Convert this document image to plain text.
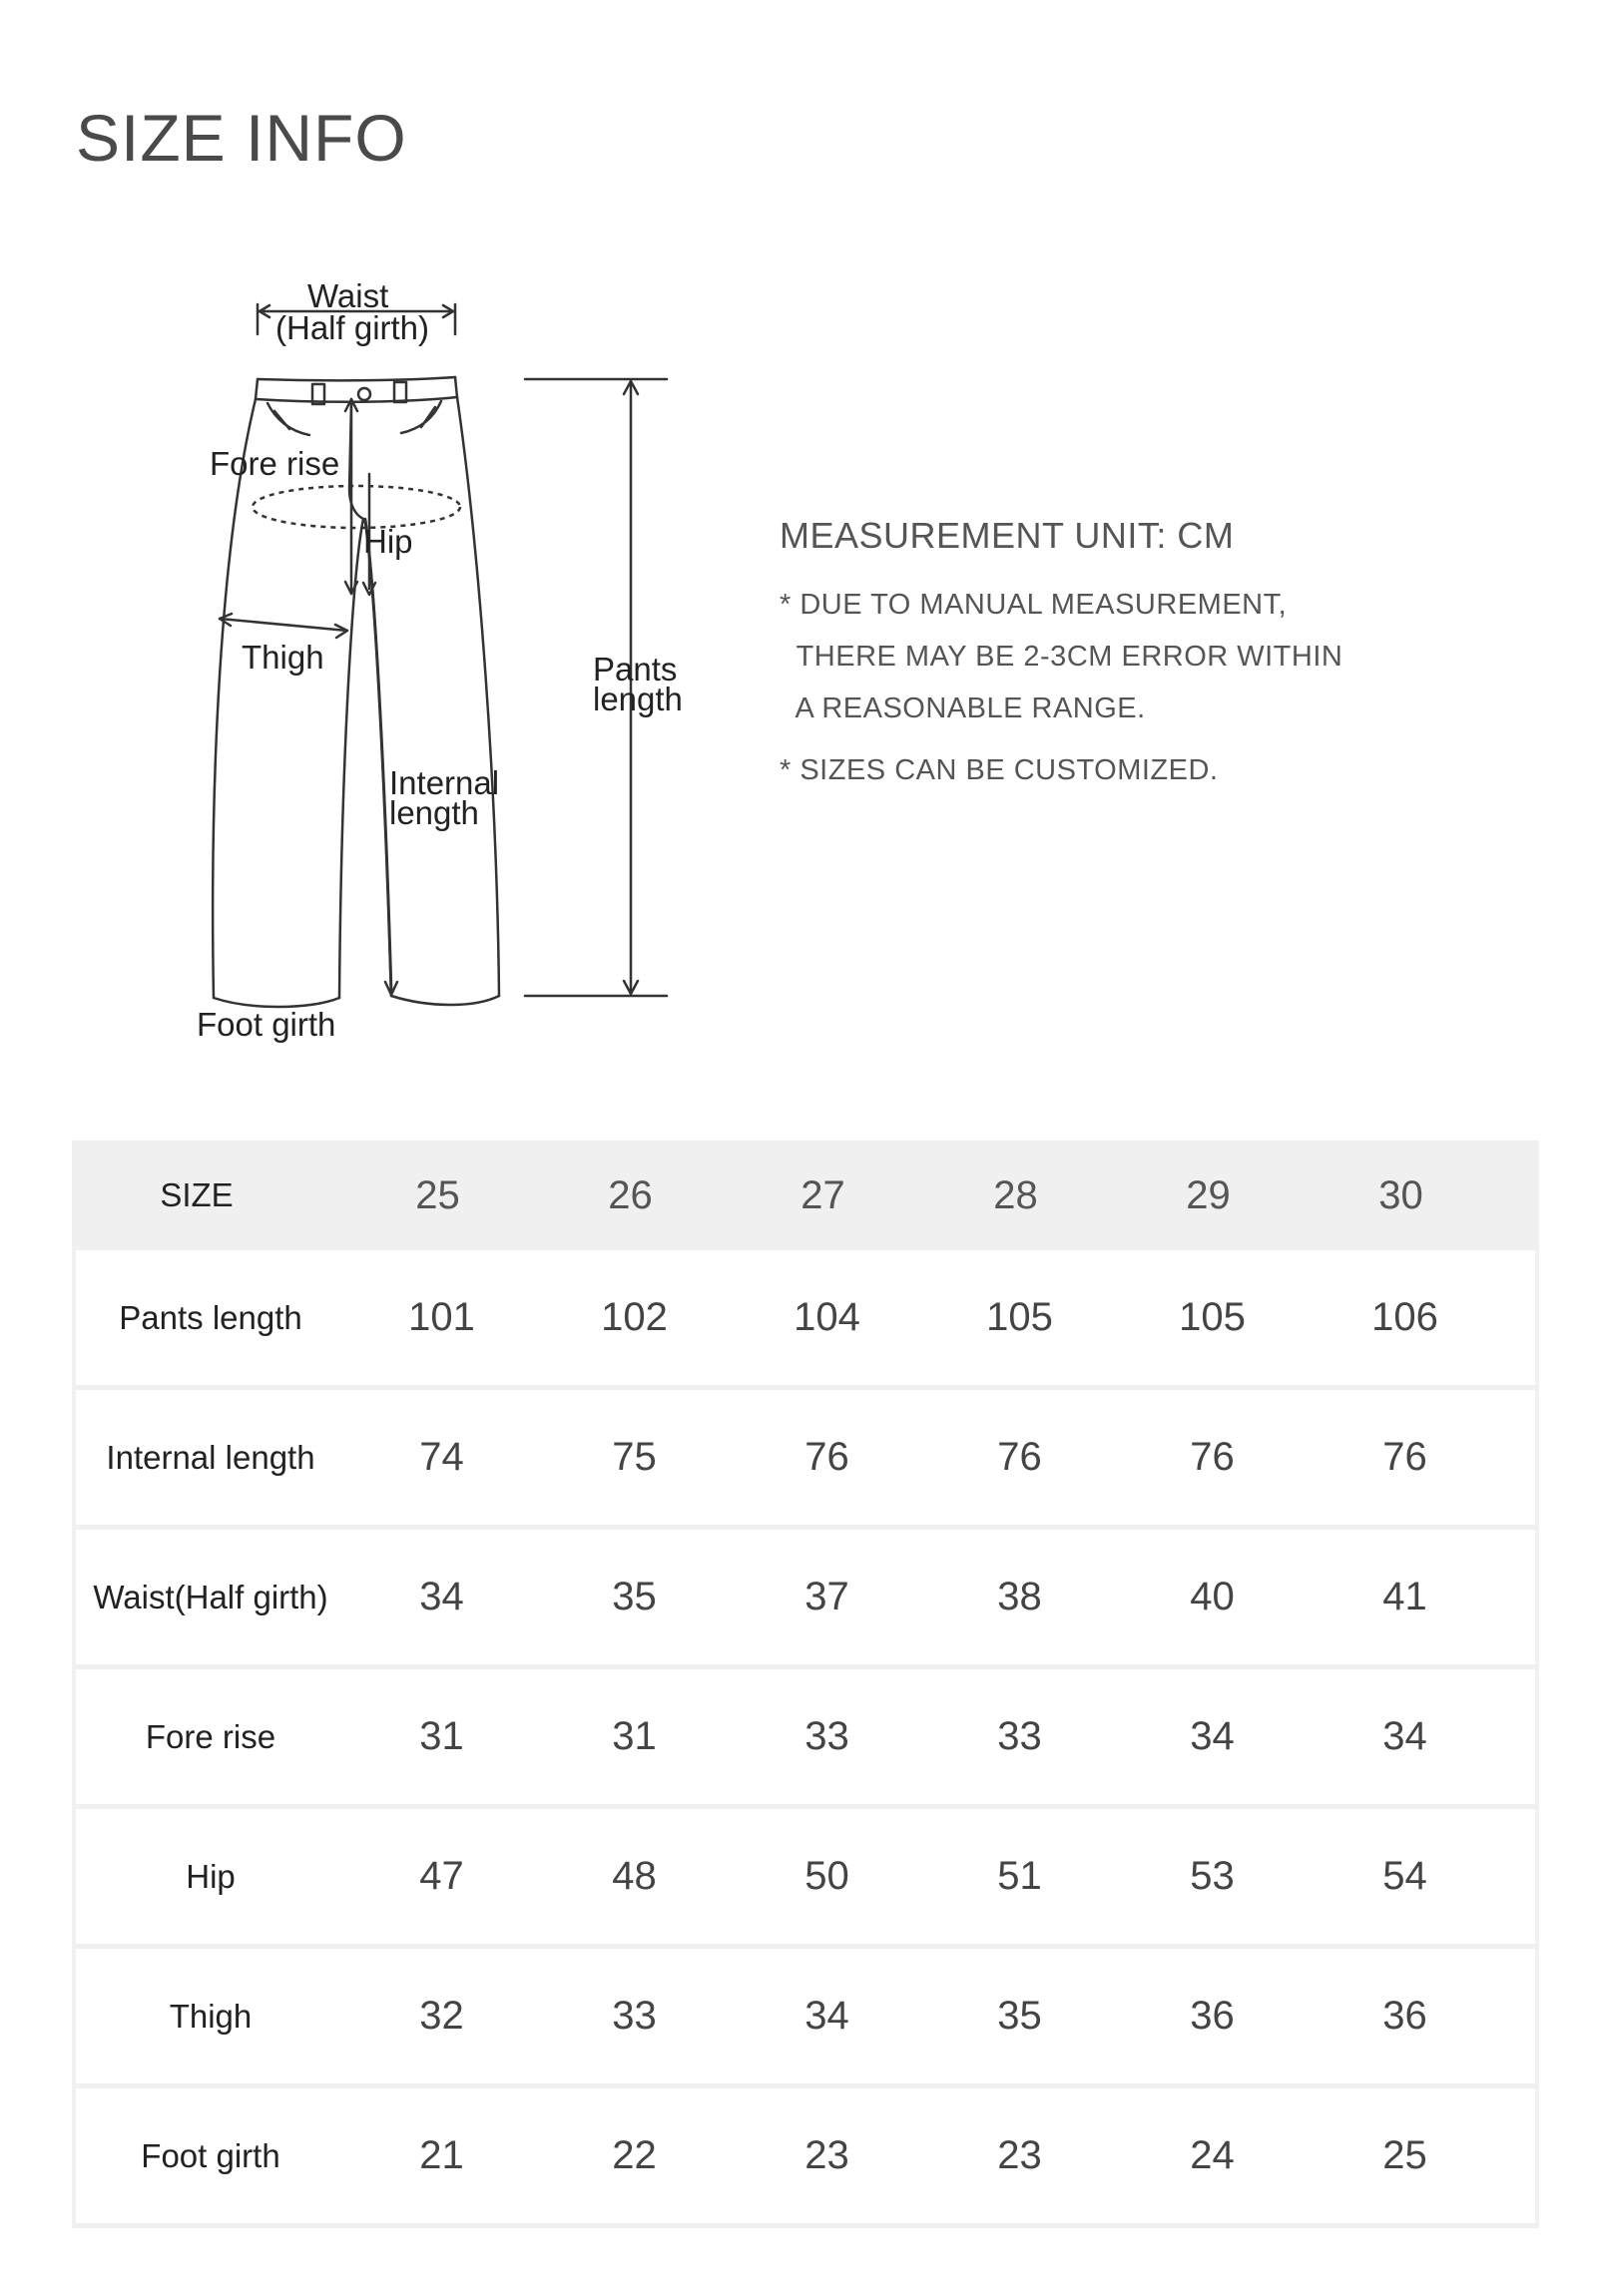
SIZE INFO
Waist
(Half girth)
Fore rise
Hip
Thigh	Pants
length
Internal
length
Foot girth
MEASUREMENT UNIT: CM
* DUE TO MANUAL MEASUREMENT,
THERE MAY BE 2-3CM ERROR WITHIN
A REASONABLE RANGE.
* SIZES CAN BE CUSTOMIZED.
SIZE	25	26	27	28	29	30
Pants length	101	102	104	105	105	106
Internal length	74	75	76	76	76	76
Waist(Half girth)	34	35	37	38	40	41
Fore rise	31	31	33	33	34	34
Hip	47	48	50	51	53	54
Thigh	32	33	34	35	36	36
Foot girth	21	22	23	23	24	25
